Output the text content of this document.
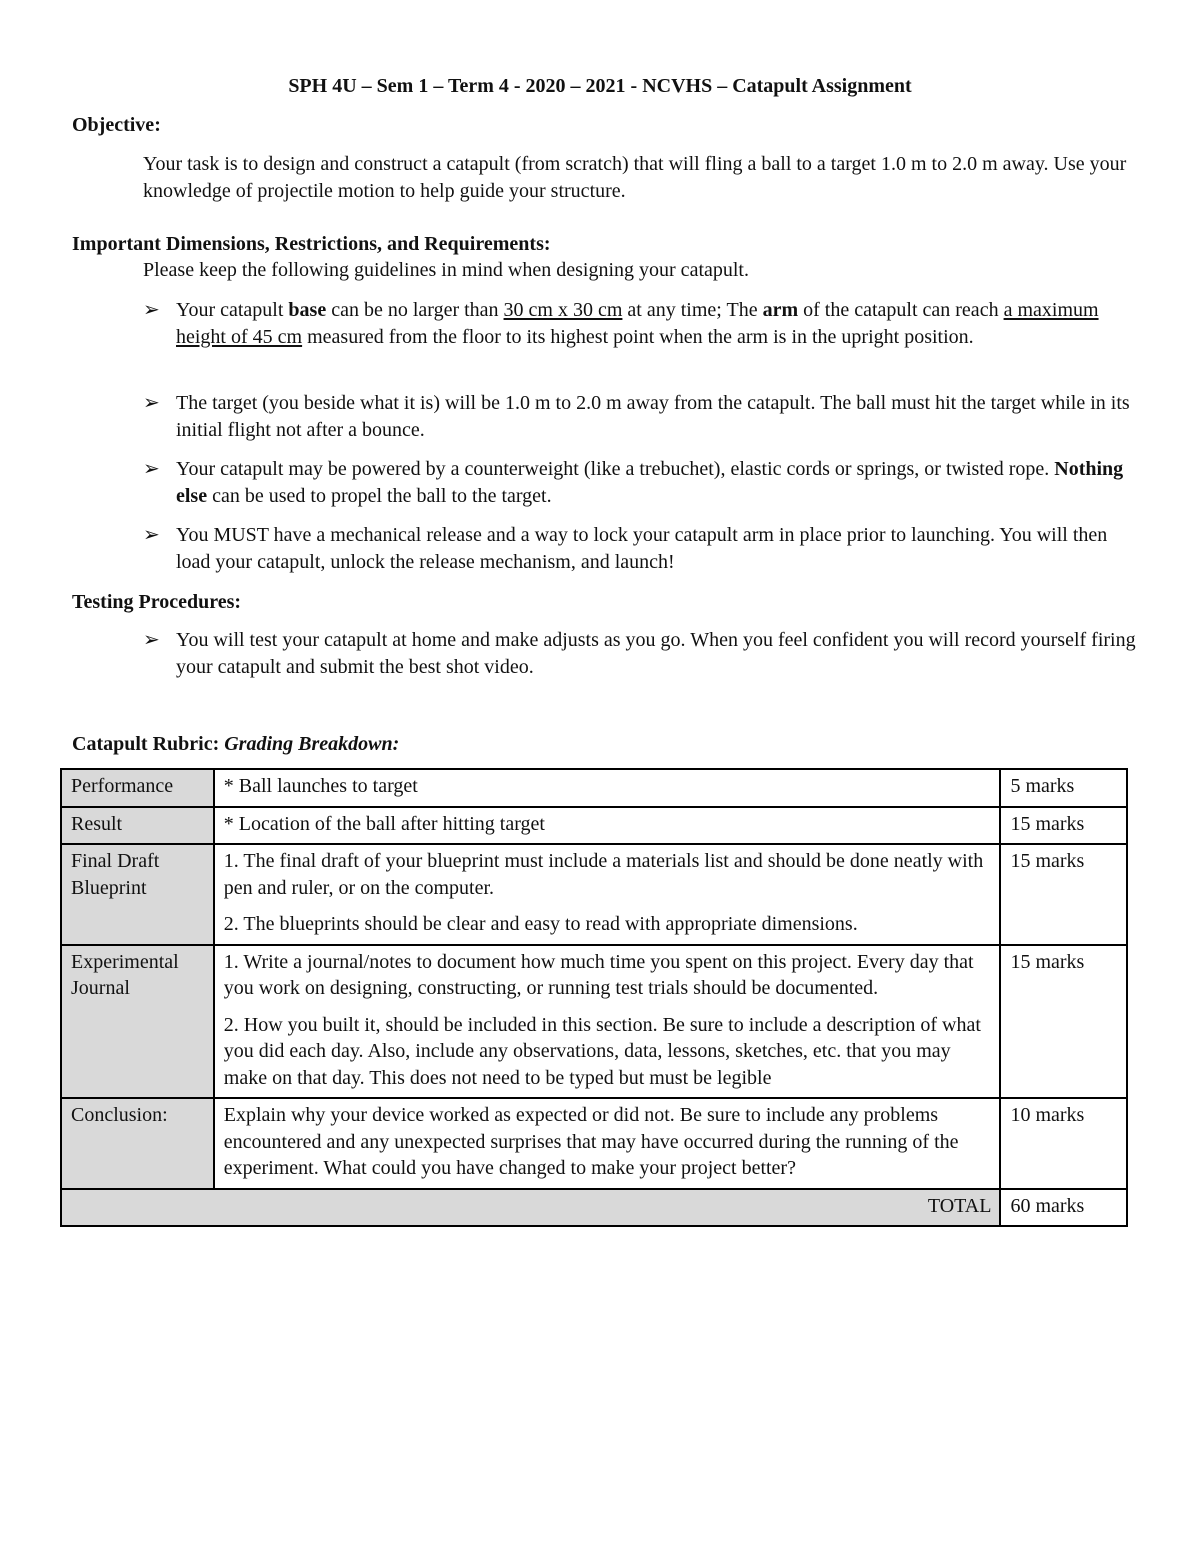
SPH 4U – Sem 1 – Term 4 - 2020 – 2021 - NCVHS – Catapult Assignment
Objective:
Your task is to design and construct a catapult (from scratch) that will fling a ball to a target 1.0 m to 2.0 m away. Use your knowledge of projectile motion to help guide your structure.
Important Dimensions, Restrictions, and Requirements:
Please keep the following guidelines in mind when designing your catapult.
➢ Your catapult base can be no larger than 30 cm x 30 cm at any time; The arm of the catapult can reach a maximum height of 45 cm measured from the floor to its highest point when the arm is in the upright position.
➢ The target (you beside what it is) will be 1.0 m to 2.0 m away from the catapult. The ball must hit the target while in its initial flight not after a bounce.
➢ Your catapult may be powered by a counterweight (like a trebuchet), elastic cords or springs, or twisted rope. Nothing else can be used to propel the ball to the target.
➢ You MUST have a mechanical release and a way to lock your catapult arm in place prior to launching. You will then load your catapult, unlock the release mechanism, and launch!
Testing Procedures:
➢ You will test your catapult at home and make adjusts as you go. When you feel confident you will record yourself firing your catapult and submit the best shot video.
Catapult Rubric: Grading Breakdown:
Performance	* Ball launches to target	5 marks
Result	* Location of the ball after hitting target	15 marks
Final Draft Blueprint	1. The final draft of your blueprint must include a materials list and should be done neatly with pen and ruler, or on the computer.

2. The blueprints should be clear and easy to read with appropriate dimensions.	15 marks
Experimental Journal	1. Write a journal/notes to document how much time you spent on this project. Every day that you work on designing, constructing, or running test trials should be documented.

2. How you built it, should be included in this section. Be sure to include a description of what you did each day. Also, include any observations, data, lessons, sketches, etc. that you may make on that day. This does not need to be typed but must be legible	15 marks
Conclusion:	Explain why your device worked as expected or did not. Be sure to include any problems encountered and any unexpected surprises that may have occurred during the running of the experiment. What could you have changed to make your project better?	10 marks
TOTAL		60 marks
